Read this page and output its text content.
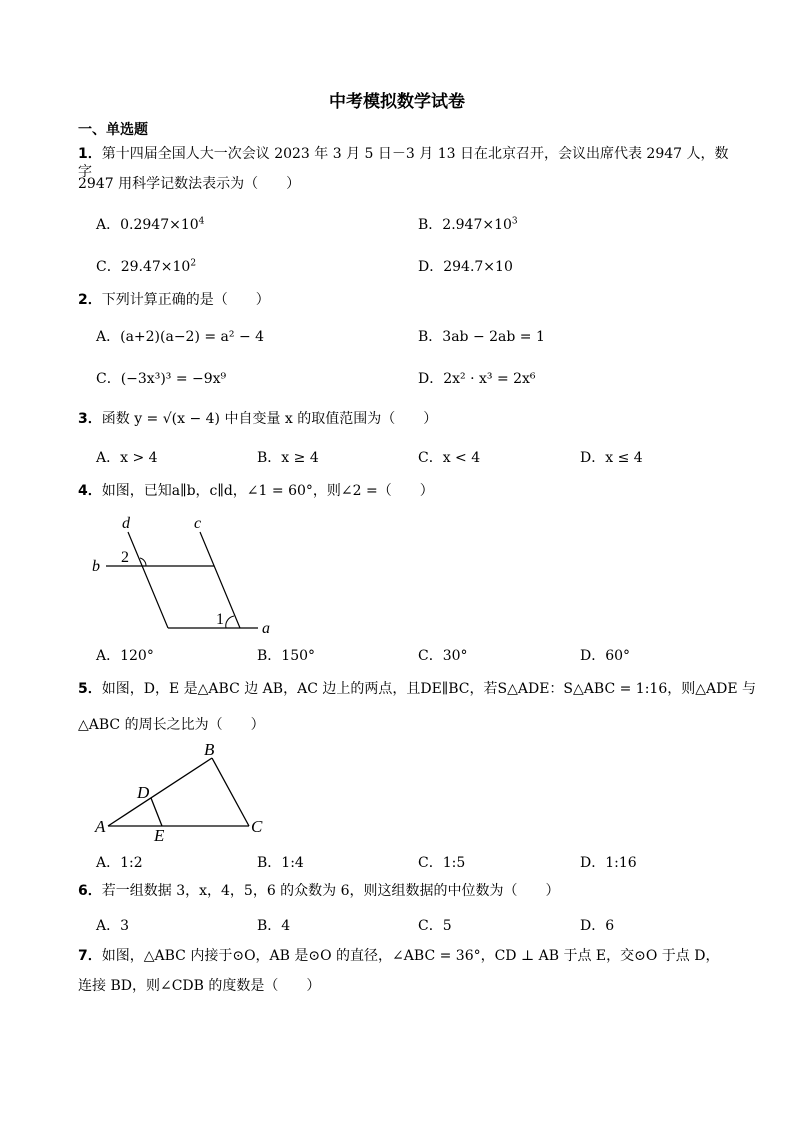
中考模拟数学试卷
一、单选题
1．第十四届全国人大一次会议 2023 年 3 月 5 日－3 月 13 日在北京召开，会议出席代表 2947 人，数字
2947 用科学记数法表示为（　　）
A．$0.2947\times 10^4$	B．$2.947\times 10^3$
C．$29.47\times 10^2$	D．294.7×10
2．下列计算正确的是（　　）
A．(a+2)(a−2) = a² − 4	B．3ab − 2ab = 1
C．(−3x³)³ = −9x⁹	D．2x² · x³ = 2x⁶
3．函数 y = √(x − 4) 中自变量 x 的取值范围为（　　）
A．x > 4	B．x ≥ 4	C．x < 4	D．x ≤ 4
4．如图，已知a∥b，c∥d，∠1 = 60°，则∠2 =（　　）
d	c
b
a
2
1
A．120°	B．150°	C．30°	D．60°
5．如图，D，E 是△ABC 边 AB，AC 边上的两点，且DE∥BC，若S△ADE：S△ABC = 1:16，则△ADE 与
△ABC 的周长之比为（　　）
A
B
C
D
E
A．1:2	B．1:4	C．1:5	D．1:16
6．若一组数据 3，x，4，5，6 的众数为 6，则这组数据的中位数为（　　）
A．3	B．4	C．5	D．6
7．如图，△ABC 内接于⊙O，AB 是⊙O 的直径，∠ABC = 36°，CD ⊥ AB 于点 E，交⊙O 于点 D，
连接 BD，则∠CDB 的度数是（　　）
